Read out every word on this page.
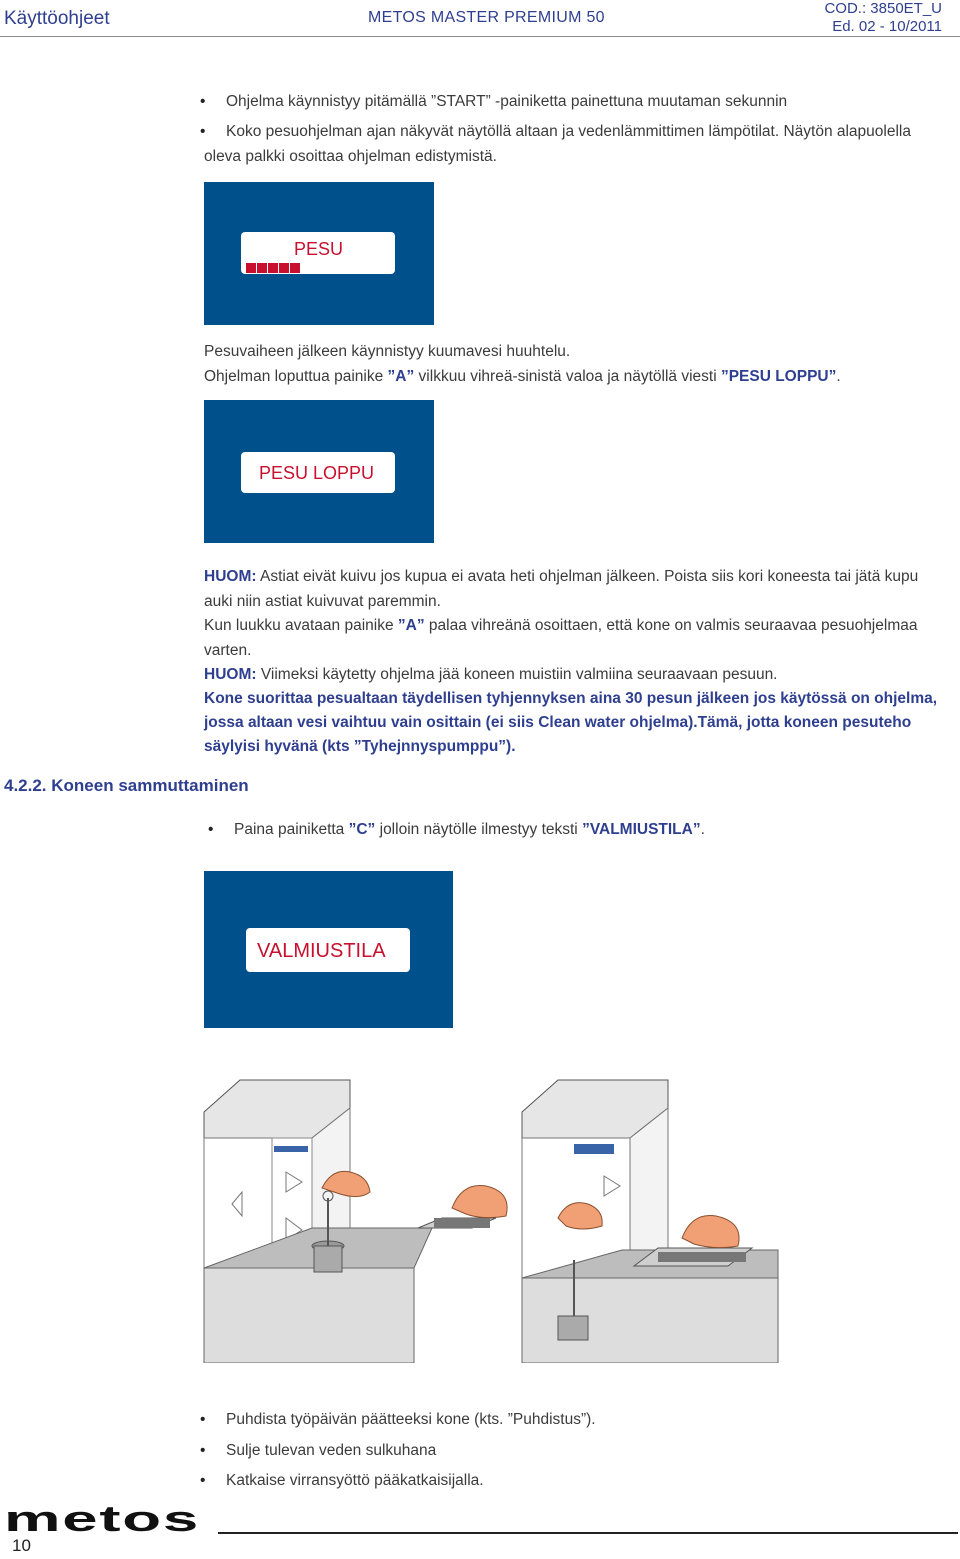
Käyttöohjeet	METOS MASTER PREMIUM 50
COD.: 3850ET_U
Ed. 02 - 10/2011
• Ohjelma käynnistyy pitämällä ”START” -painiketta painettuna muutaman sekunnin
• Koko pesuohjelman ajan näkyvät näytöllä altaan ja vedenlämmittimen lämpötilat. Näytön alapuolella
oleva palkki osoittaa ohjelman edistymistä.
PESU
Pesuvaiheen jälkeen käynnistyy kuumavesi huuhtelu.
Ohjelman loputtua painike ”A” vilkkuu vihreä-sinistä valoa ja näytöllä viesti ”PESU LOPPU”.
PESU LOPPU
HUOM: Astiat eivät kuivu jos kupua ei avata heti ohjelman jälkeen. Poista siis kori koneesta tai jätä kupu
auki niin astiat kuivuvat paremmin.
Kun luukku avataan painike ”A” palaa vihreänä osoittaen, että kone on valmis seuraavaa pesuohjelmaa
varten.
HUOM: Viimeksi käytetty ohjelma jää koneen muistiin valmiina seuraavaan pesuun.
Kone suorittaa pesualtaan täydellisen tyhjennyksen aina 30 pesun jälkeen jos käytössä on ohjelma,
jossa altaan vesi vaihtuu vain osittain (ei siis Clean water ohjelma).Tämä, jotta koneen pesuteho
säylyisi hyvänä (kts ”Tyhejnnyspumppu”).
4.2.2. Koneen sammuttaminen
• Paina painiketta ”C” jolloin näytölle ilmestyy teksti ”VALMIUSTILA”.
VALMIUSTILA
• Puhdista työpäivän päätteeksi kone (kts. ”Puhdistus”).
• Sulje tulevan veden sulkuhana
• Katkaise virransyöttö pääkatkaisijalla.
metos
10
